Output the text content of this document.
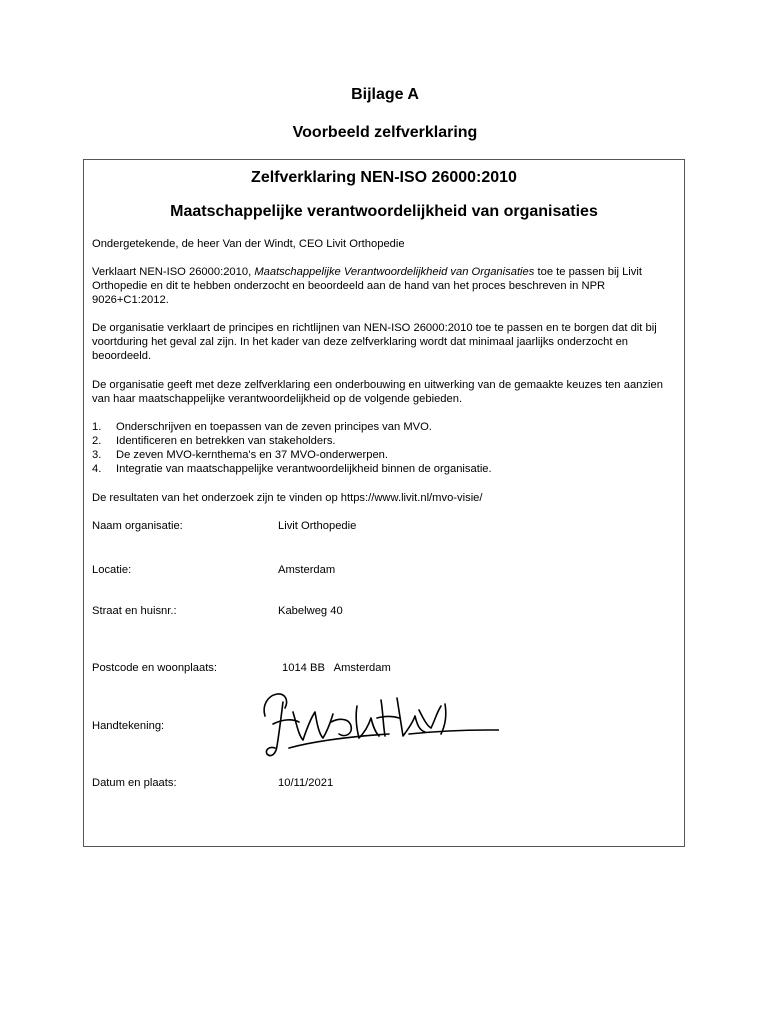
Bijlage A
Voorbeeld zelfverklaring
Zelfverklaring NEN-ISO 26000:2010
Maatschappelijke verantwoordelijkheid van organisaties
Ondergetekende, de heer Van der Windt, CEO Livit Orthopedie
Verklaart NEN-ISO 26000:2010, Maatschappelijke Verantwoordelijkheid van Organisaties toe te passen bij Livit Orthopedie en dit te hebben onderzocht en beoordeeld aan de hand van het proces beschreven in NPR 9026+C1:2012.
De organisatie verklaart de principes en richtlijnen van NEN-ISO 26000:2010 toe te passen en te borgen dat dit bij voortduring het geval zal zijn. In het kader van deze zelfverklaring wordt dat minimaal jaarlijks onderzocht en beoordeeld.
De organisatie geeft met deze zelfverklaring een onderbouwing en uitwerking van de gemaakte keuzes ten aanzien van haar maatschappelijke verantwoordelijkheid op de volgende gebieden.
1.	Onderschrijven en toepassen van de zeven principes van MVO.
2.	Identificeren en betrekken van stakeholders.
3.	De zeven MVO-kernthema's en 37 MVO-onderwerpen.
4.	Integratie van maatschappelijke verantwoordelijkheid binnen de organisatie.
De resultaten van het onderzoek zijn te vinden op https://www.livit.nl/mvo-visie/
Naam organisatie:	Livit Orthopedie
Locatie:	Amsterdam
Straat en huisnr.:	Kabelweg 40
Postcode en woonplaats:	1014 BB   Amsterdam
Handtekening:
Datum en plaats:	10/11/2021
